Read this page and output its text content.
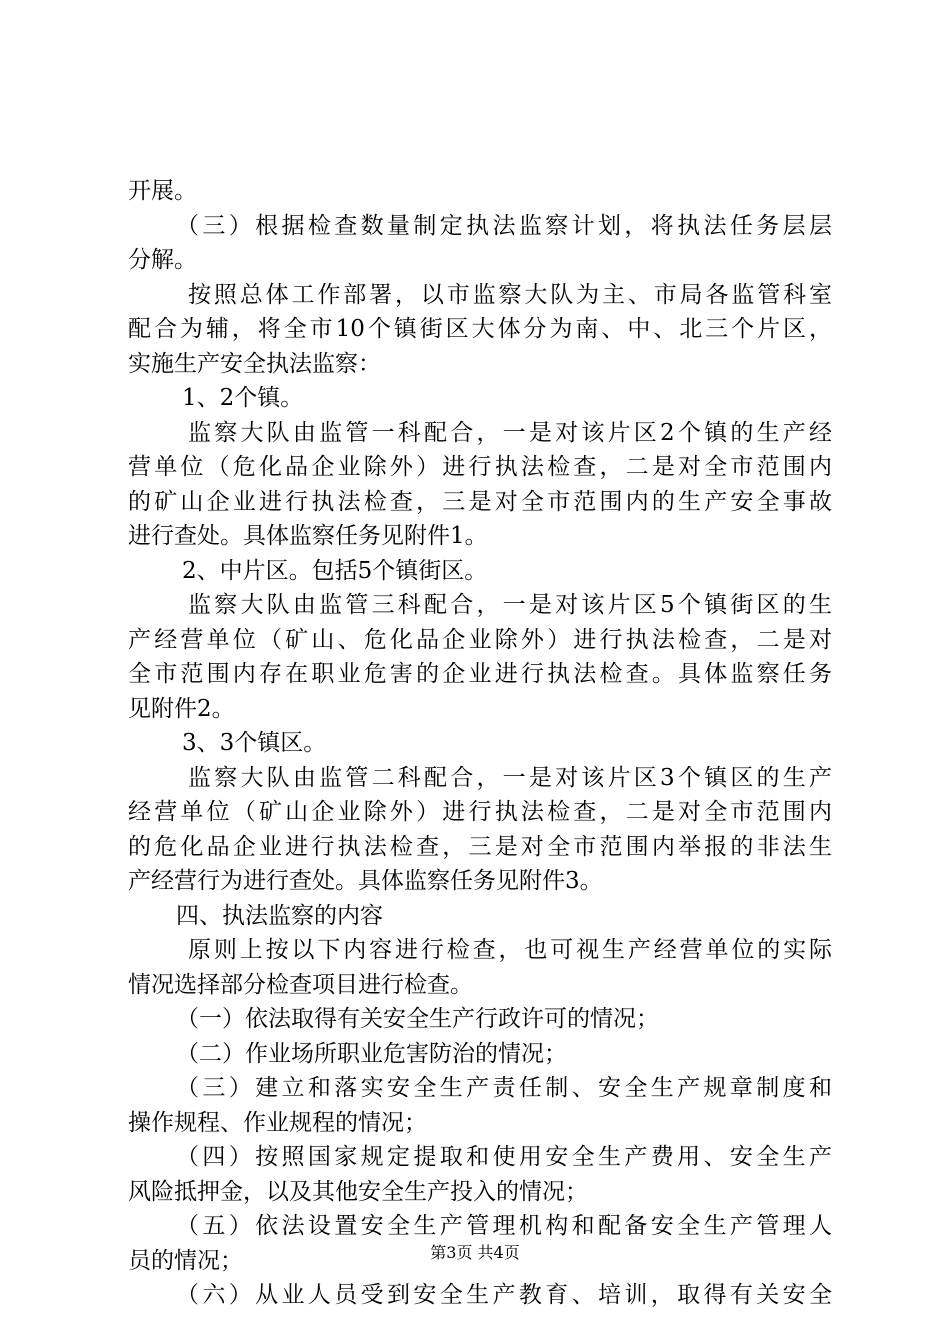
开展。
（三）根据检查数量制定执法监察计划，将执法任务层层
分解。
按照总体工作部署，以市监察大队为主、市局各监管科室
配合为辅，将全市10个镇街区大体分为南、中、北三个片区，
实施生产安全执法监察：
1、2个镇。
监察大队由监管一科配合，一是对该片区2个镇的生产经
营单位（危化品企业除外）进行执法检查，二是对全市范围内
的矿山企业进行执法检查，三是对全市范围内的生产安全事故
进行查处。具体监察任务见附件1。
2、中片区。包括5个镇街区。
监察大队由监管三科配合，一是对该片区5个镇街区的生
产经营单位（矿山、危化品企业除外）进行执法检查，二是对
全市范围内存在职业危害的企业进行执法检查。具体监察任务
见附件2。
3、3个镇区。
监察大队由监管二科配合，一是对该片区3个镇区的生产
经营单位（矿山企业除外）进行执法检查，二是对全市范围内
的危化品企业进行执法检查，三是对全市范围内举报的非法生
产经营行为进行查处。具体监察任务见附件3。
四、执法监察的内容
原则上按以下内容进行检查，也可视生产经营单位的实际
情况选择部分检查项目进行检查。
（一）依法取得有关安全生产行政许可的情况；
（二）作业场所职业危害防治的情况；
（三）建立和落实安全生产责任制、安全生产规章制度和
操作规程、作业规程的情况；
（四）按照国家规定提取和使用安全生产费用、安全生产
风险抵押金，以及其他安全生产投入的情况；
（五）依法设置安全生产管理机构和配备安全生产管理人
员的情况；
（六）从业人员受到安全生产教育、培训，取得有关安全
第3页 共4页
